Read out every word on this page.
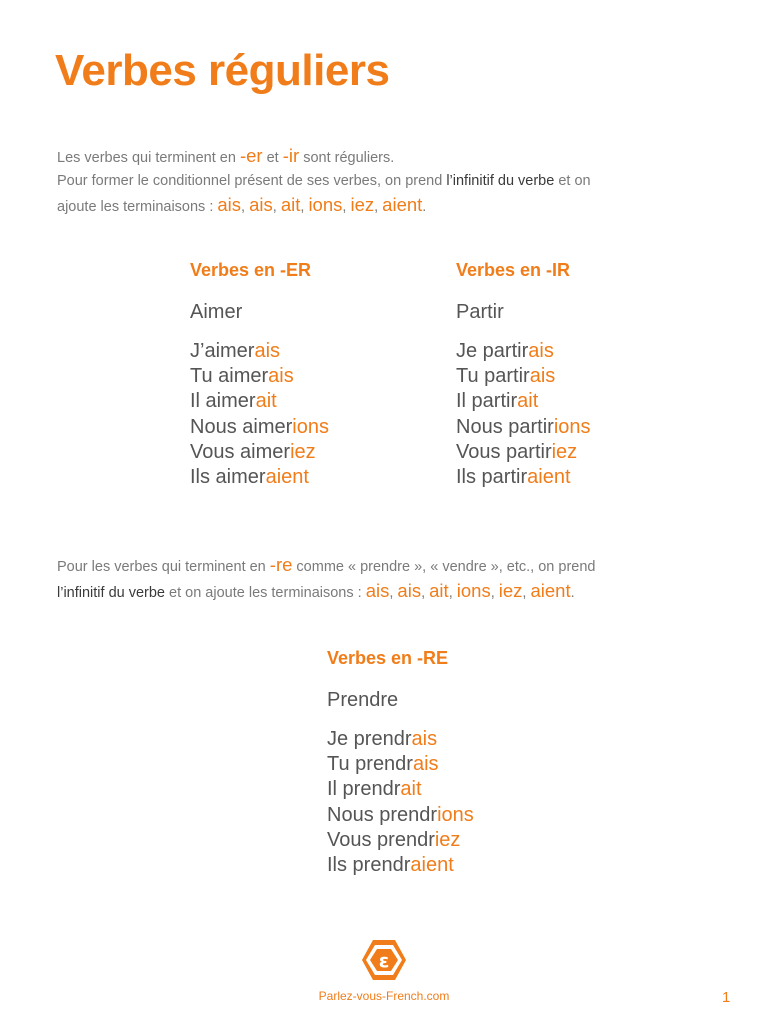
Verbes réguliers
Les verbes qui terminent en -er et -ir sont réguliers.
Pour former le conditionnel présent de ses verbes, on prend l’infinitif du verbe et on
ajoute les terminaisons : ais, ais, ait, ions, iez, aient.
Verbes en -ER
Aimer
J’aimerais
Tu aimerais
Il aimerait
Nous aimerions
Vous aimeriez
Ils aimeraient
Verbes en -IR
Partir
Je partirais
Tu partirais
Il partirait
Nous partirions
Vous partiriez
Ils partiraient
Pour les verbes qui terminent en -re comme « prendre », « vendre », etc., on prend
l’infinitif du verbe et on ajoute les terminaisons : ais, ais, ait, ions, iez, aient.
Verbes en -RE
Prendre
Je prendrais
Tu prendrais
Il prendrait
Nous prendrions
Vous prendriez
Ils prendraient
ε
Parlez-vous-French.com	1
